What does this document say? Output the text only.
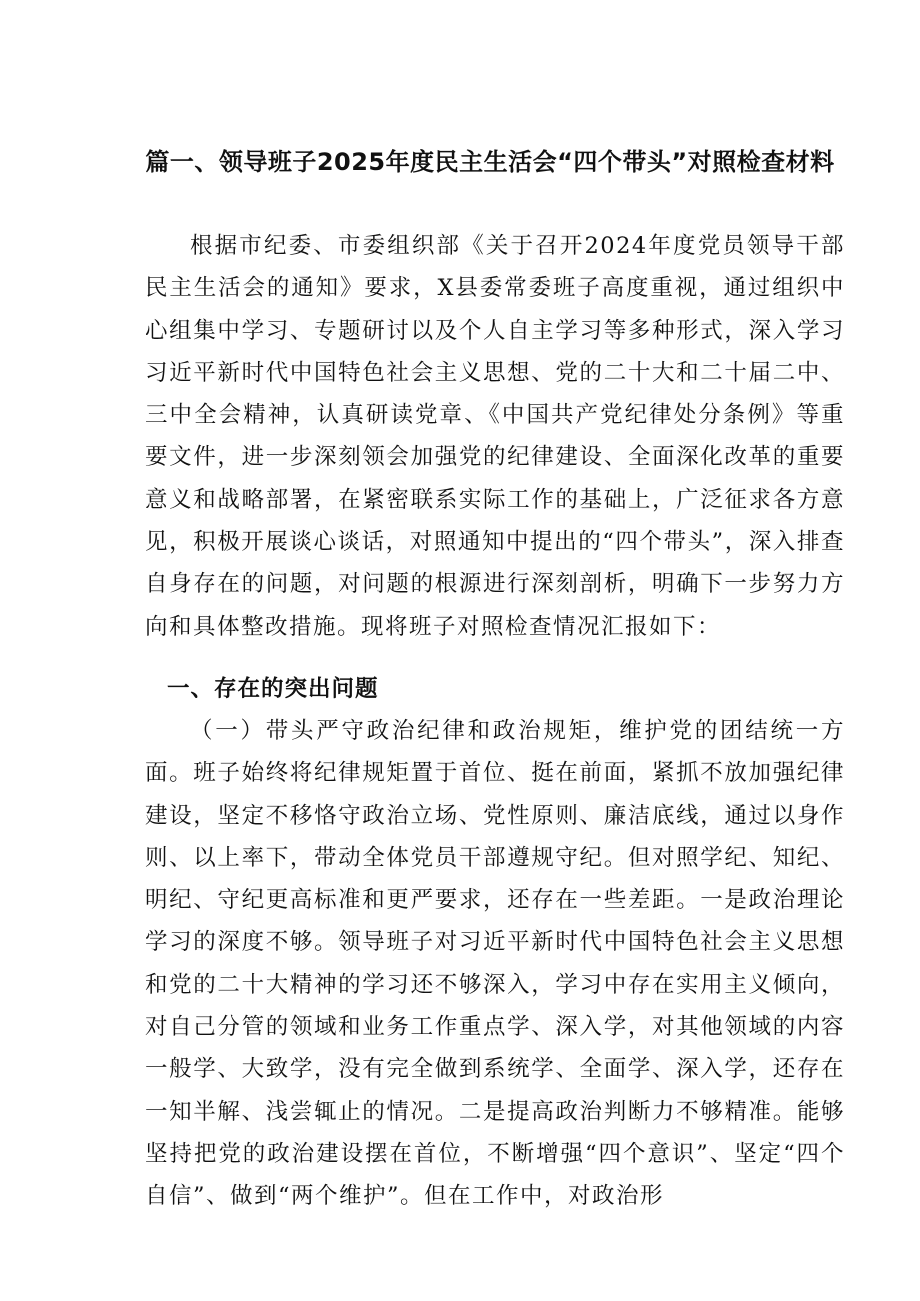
篇一、领导班子2025年度民主生活会“四个带头”对照检查材料

根据市纪委、市委组织部《关于召开2024年度党员领导干部民主生活会的通知》要求，X县委常委班子高度重视，通过组织中心组集中学习、专题研讨以及个人自主学习等多种形式，深入学习习近平新时代中国特色社会主义思想、党的二十大和二十届二中、三中全会精神，认真研读党章、《中国共产党纪律处分条例》等重要文件，进一步深刻领会加强党的纪律建设、全面深化改革的重要意义和战略部署，在紧密联系实际工作的基础上，广泛征求各方意见，积极开展谈心谈话，对照通知中提出的“四个带头”，深入排查自身存在的问题，对问题的根源进行深刻剖析，明确下一步努力方向和具体整改措施。现将班子对照检查情况汇报如下：

一、存在的突出问题

（一）带头严守政治纪律和政治规矩，维护党的团结统一方面。班子始终将纪律规矩置于首位、挺在前面，紧抓不放加强纪律建设，坚定不移恪守政治立场、党性原则、廉洁底线，通过以身作则、以上率下，带动全体党员干部遵规守纪。但对照学纪、知纪、明纪、守纪更高标准和更严要求，还存在一些差距。一是政治理论学习的深度不够。领导班子对习近平新时代中国特色社会主义思想和党的二十大精神的学习还不够深入，学习中存在实用主义倾向，对自己分管的领域和业务工作重点学、深入学，对其他领域的内容一般学、大致学，没有完全做到系统学、全面学、深入学，还存在一知半解、浅尝辄止的情况。二是提高政治判断力不够精准。能够坚持把党的政治建设摆在首位，不断增强“四个意识”、坚定“四个自信”、做到“两个维护”。但在工作中，对政治形
